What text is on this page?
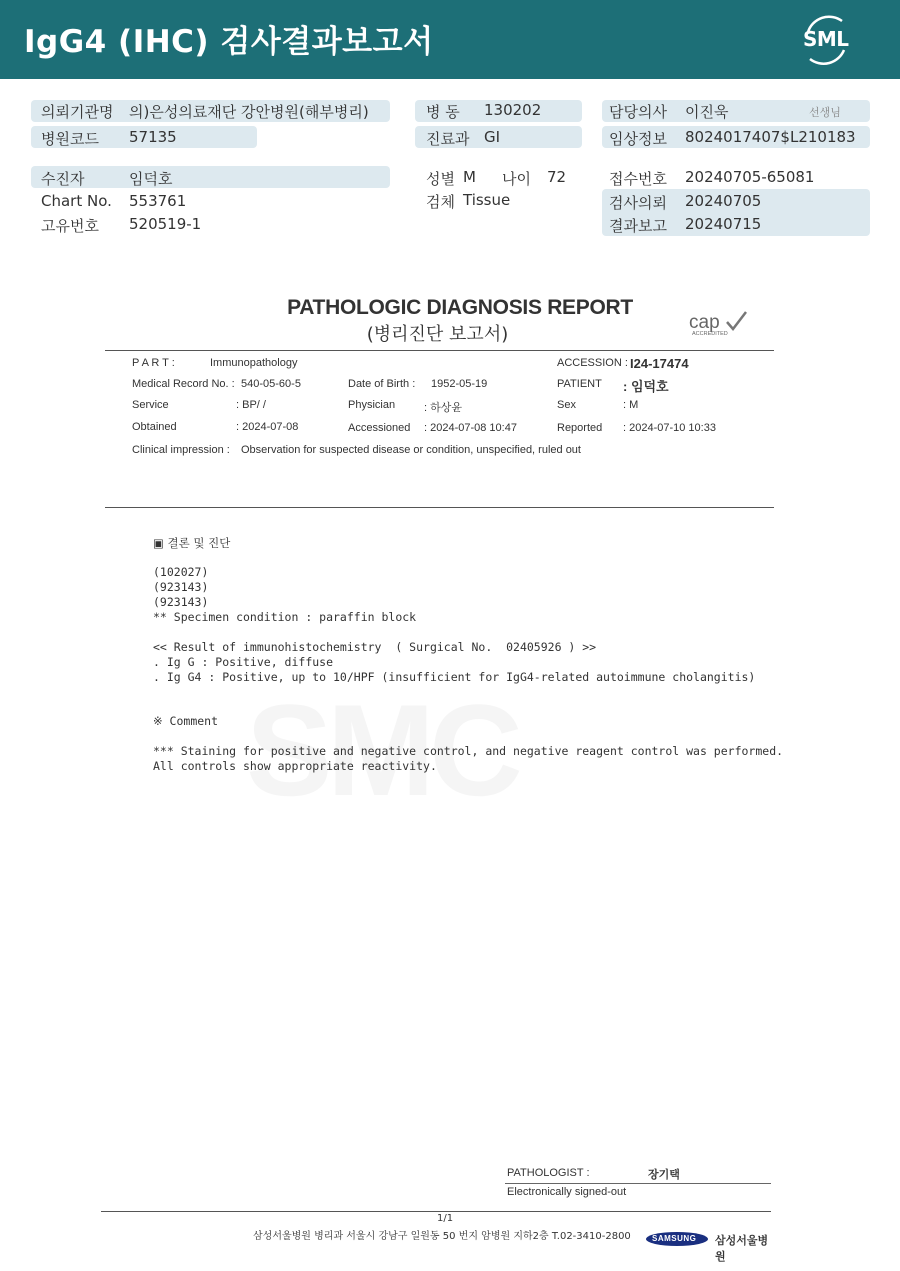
IgG4 (IHC) 검사결과보고서	SML
의뢰기관명 의)은성의료재단 강안병원(해부병리)
병원코드 57135
병 동 130202
진료과 GI
담당의사 이진욱	선생님
임상정보 8024017407$L210183
수진자	임덕호
Chart No. 553761
고유번호 520519-1
성별 M 나이 72
검체 Tissue
접수번호 20240705-65081
검사의뢰 20240705
결과보고 20240715
PATHOLOGIC DIAGNOSIS REPORT
(병리진단 보고서)
cap
ACCREDITED
P A R T :	Immunopathology	ACCESSION : I24-17474
Medical Record No. : 540-05-60-5	Date of Birth : 1952-05-19	PATIENT : 임덕호
Service	: BP/ /	Physician	: 하상윤	Sex	: M
Obtained	: 2024-07-08	Accessioned : 2024-07-08 10:47	Reported : 2024-07-10 10:33
Clinical impression : Observation for suspected disease or condition, unspecified, ruled out
▣ 결론 및 진단
(102027)
(923143)
(923143)
** Specimen condition : paraffin block
<< Result of immunohistochemistry  ( Surgical No.  02405926 ) >>
. Ig G : Positive, diffuse
. Ig G4 : Positive, up to 10/HPF (insufficient for IgG4-related autoimmune cholangitis)
※ Comment
*** Staining for positive and negative control, and negative reagent control was performed.
All controls show appropriate reactivity.
PATHOLOGIST :	장기택
Electronically signed-out
1/1
삼성서울병원 병리과 서울시 강남구 일원동 50 번지 암병원 지하2층 T.02-3410-2800	SAMSUNG 삼성서울병원
